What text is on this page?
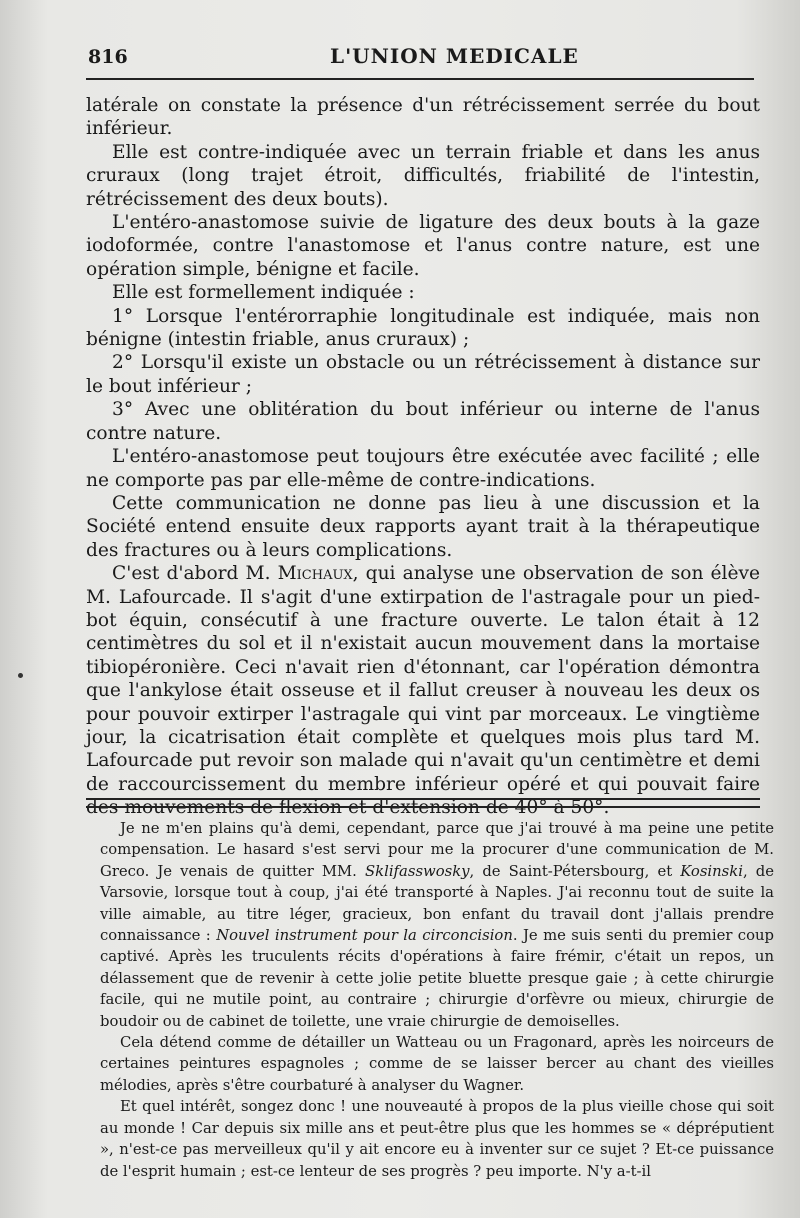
816	L'UNION MEDICALE

latérale on constate la présence d'un rétrécissement serrée du bout inférieur.

Elle est contre-indiquée avec un terrain friable et dans les anus cruraux (long trajet étroit, difficultés, friabilité de l'intestin, rétrécissement des deux bouts).

L'entéro-anastomose suivie de ligature des deux bouts à la gaze iodoformée, contre l'anastomose et l'anus contre nature, est une opération simple, bénigne et facile.

Elle est formellement indiquée :

1° Lorsque l'entérorraphie longitudinale est indiquée, mais non bénigne (intestin friable, anus cruraux) ;

2° Lorsqu'il existe un obstacle ou un rétrécissement à distance sur le bout inférieur ;

3° Avec une oblitération du bout inférieur ou interne de l'anus contre nature.

L'entéro-anastomose peut toujours être exécutée avec facilité ; elle ne comporte pas par elle-même de contre-indications.

Cette communication ne donne pas lieu à une discussion et la Société entend ensuite deux rapports ayant trait à la thérapeutique des fractures ou à leurs complications.

C'est d'abord M. Michaux, qui analyse une observation de son élève M. Lafourcade. Il s'agit d'une extirpation de l'astragale pour un pied-bot équin, consécutif à une fracture ouverte. Le talon était à 12 centimètres du sol et il n'existait aucun mouvement dans la mortaise tibiopéronière. Ceci n'avait rien d'étonnant, car l'opération démontra que l'ankylose était osseuse et il fallut creuser à nouveau les deux os pour pouvoir extirper l'astragale qui vint par morceaux. Le vingtième jour, la cicatrisation était complète et quelques mois plus tard M. Lafourcade put revoir son malade qui n'avait qu'un centimètre et demi de raccourcissement du membre inférieur opéré et qui pouvait faire des mouvements de flexion et d'extension de 40° à 50°.

Je ne m'en plains qu'à demi, cependant, parce que j'ai trouvé à ma peine une petite compensation. Le hasard s'est servi pour me la procurer d'une communication de M. Greco. Je venais de quitter MM. Sklifasswosky, de Saint-Pétersbourg, et Kosinski, de Varsovie, lorsque tout à coup, j'ai été transporté à Naples. J'ai reconnu tout de suite la ville aimable, au titre léger, gracieux, bon enfant du travail dont j'allais prendre connaissance : Nouvel instrument pour la circoncision. Je me suis senti du premier coup captivé. Après les truculents récits d'opérations à faire frémir, c'était un repos, un délassement que de revenir à cette jolie petite bluette presque gaie ; à cette chirurgie facile, qui ne mutile point, au contraire ; chirurgie d'orfèvre ou mieux, chirurgie de boudoir ou de cabinet de toilette, une vraie chirurgie de demoiselles.

Cela détend comme de détailler un Watteau ou un Fragonard, après les noirceurs de certaines peintures espagnoles ; comme de se laisser bercer au chant des vieilles mélodies, après s'être courbaturé à analyser du Wagner.

Et quel intérêt, songez donc ! une nouveauté à propos de la plus vieille chose qui soit au monde ! Car depuis six mille ans et peut-être plus que les hommes se « dépréputient », n'est-ce pas merveilleux qu'il y ait encore eu à inventer sur ce sujet ? Et-ce puissance de l'esprit humain ; est-ce lenteur de ses progrès ? peu importe. N'y a-t-il
